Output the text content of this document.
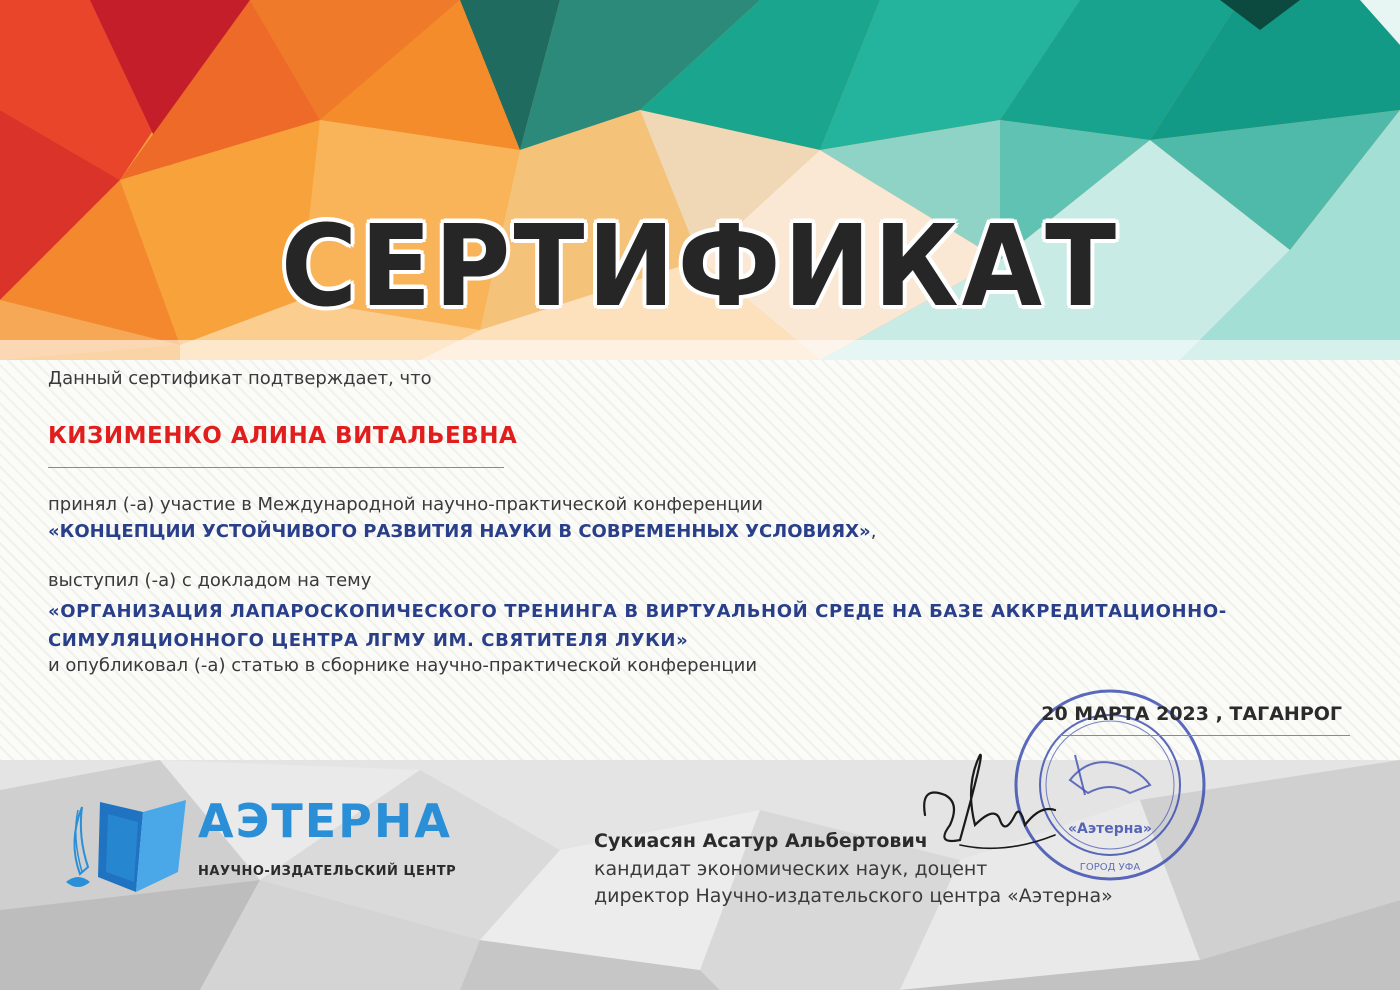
СЕРТИФИКАТ
Данный сертификат подтверждает, что
КИЗИМЕНКО АЛИНА ВИТАЛЬЕВНА
принял (-а) участие в Международной научно-практической конференции
«КОНЦЕПЦИИ УСТОЙЧИВОГО РАЗВИТИЯ НАУКИ В СОВРЕМЕННЫХ УСЛОВИЯХ»,
выступил (-а) с докладом на тему
«ОРГАНИЗАЦИЯ ЛАПАРОСКОПИЧЕСКОГО ТРЕНИНГА В ВИРТУАЛЬНОЙ СРЕДЕ НА БАЗЕ АККРЕДИТАЦИОННО-
СИМУЛЯЦИОННОГО ЦЕНТРА ЛГМУ ИМ. СВЯТИТЕЛЯ ЛУКИ»
и опубликовал (-а) статью в сборнике научно-практической конференции
«Аэтерна»
ГОРОД УФА
20 МАРТА 2023 , ТАГАНРОГ
АЭТЕРНА
НАУЧНО-ИЗДАТЕЛЬСКИЙ ЦЕНТР
Сукиасян Асатур Альбертович
кандидат экономических наук, доцент
директор Научно-издательского центра «Аэтерна»
